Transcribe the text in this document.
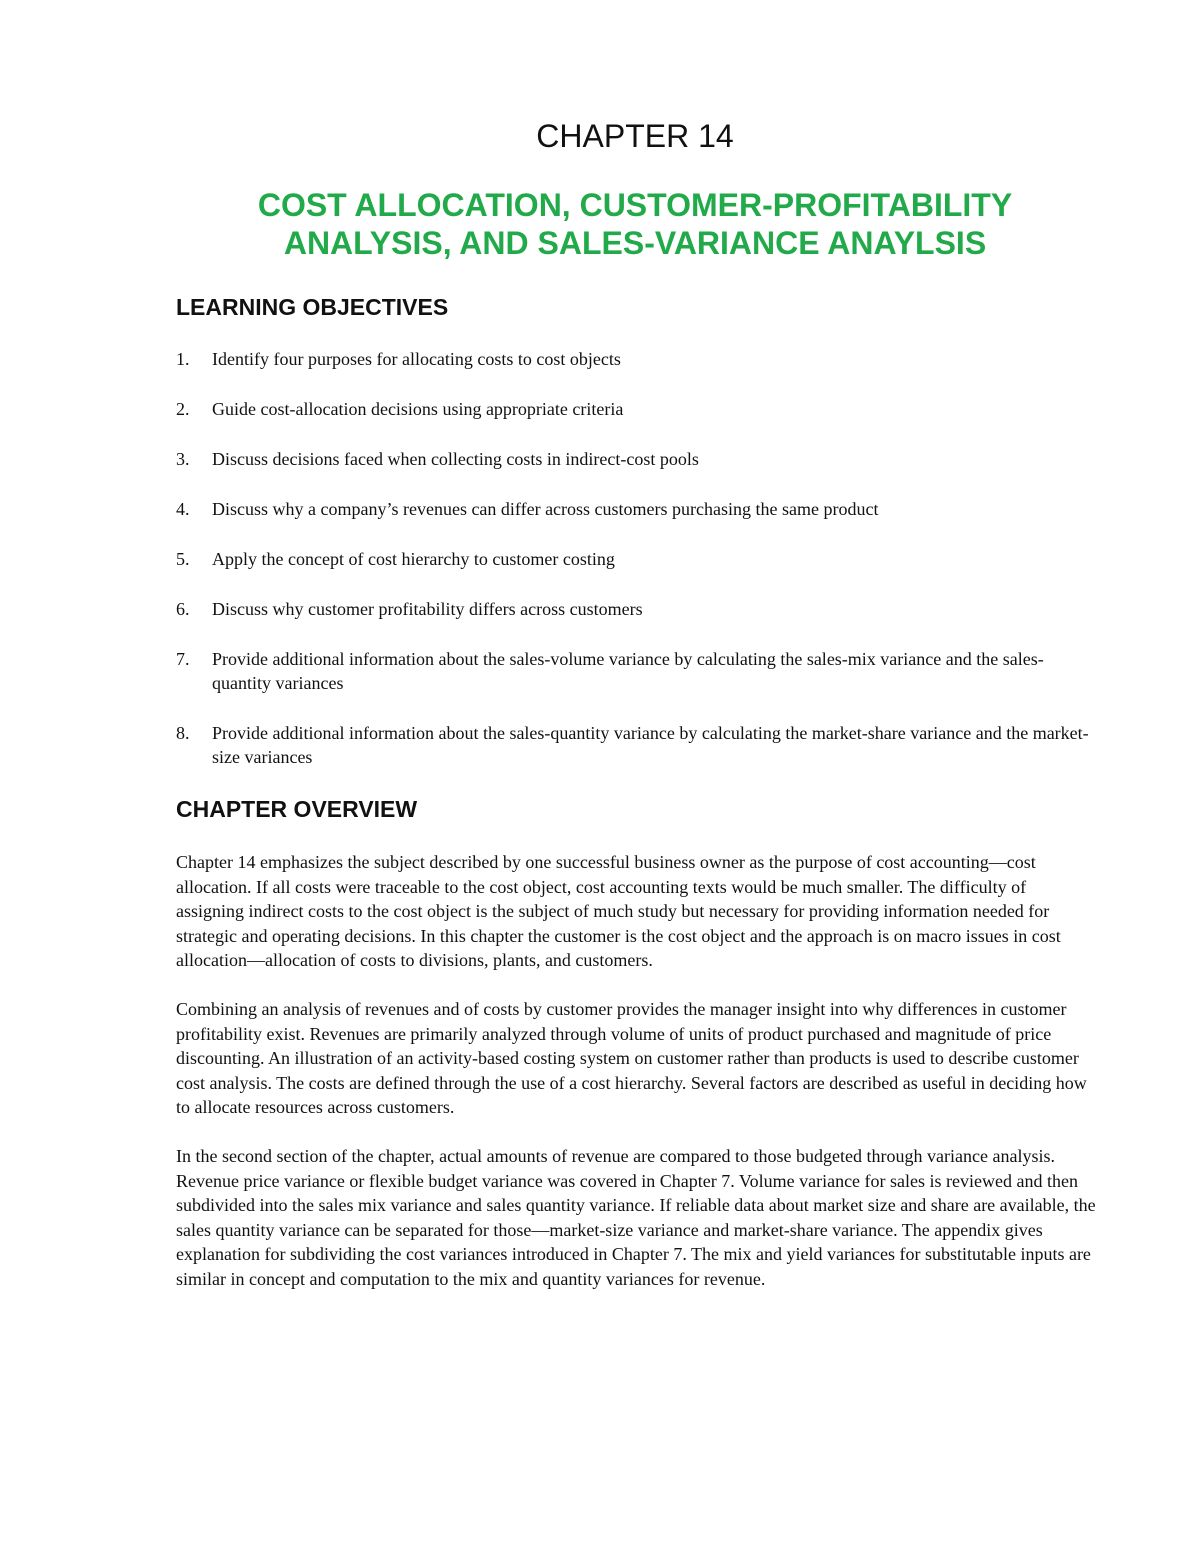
CHAPTER 14
COST ALLOCATION, CUSTOMER-PROFITABILITY
ANALYSIS, AND SALES-VARIANCE ANAYLSIS
LEARNING OBJECTIVES
1. Identify four purposes for allocating costs to cost objects
2. Guide cost-allocation decisions using appropriate criteria
3. Discuss decisions faced when collecting costs in indirect-cost pools
4. Discuss why a company’s revenues can differ across customers purchasing the same product
5. Apply the concept of cost hierarchy to customer costing
6. Discuss why customer profitability differs across customers
7. Provide additional information about the sales-volume variance by calculating the sales-mix variance and the sales-quantity variances
8. Provide additional information about the sales-quantity variance by calculating the market-share variance and the market-size variances
CHAPTER OVERVIEW

Chapter 14 emphasizes the subject described by one successful business owner as the purpose of cost accounting—cost allocation. If all costs were traceable to the cost object, cost accounting texts would be much smaller. The difficulty of assigning indirect costs to the cost object is the subject of much study but necessary for providing information needed for strategic and operating decisions. In this chapter the customer is the cost object and the approach is on macro issues in cost allocation—allocation of costs to divisions, plants, and customers.

Combining an analysis of revenues and of costs by customer provides the manager insight into why differences in customer profitability exist. Revenues are primarily analyzed through volume of units of product purchased and magnitude of price discounting. An illustration of an activity-based costing system on customer rather than products is used to describe customer cost analysis. The costs are defined through the use of a cost hierarchy. Several factors are described as useful in deciding how to allocate resources across customers.

In the second section of the chapter, actual amounts of revenue are compared to those budgeted through variance analysis. Revenue price variance or flexible budget variance was covered in Chapter 7. Volume variance for sales is reviewed and then subdivided into the sales mix variance and sales quantity variance. If reliable data about market size and share are available, the sales quantity variance can be separated for those—market-size variance and market-share variance. The appendix gives explanation for subdividing the cost variances introduced in Chapter 7. The mix and yield variances for substitutable inputs are similar in concept and computation to the mix and quantity variances for revenue.
